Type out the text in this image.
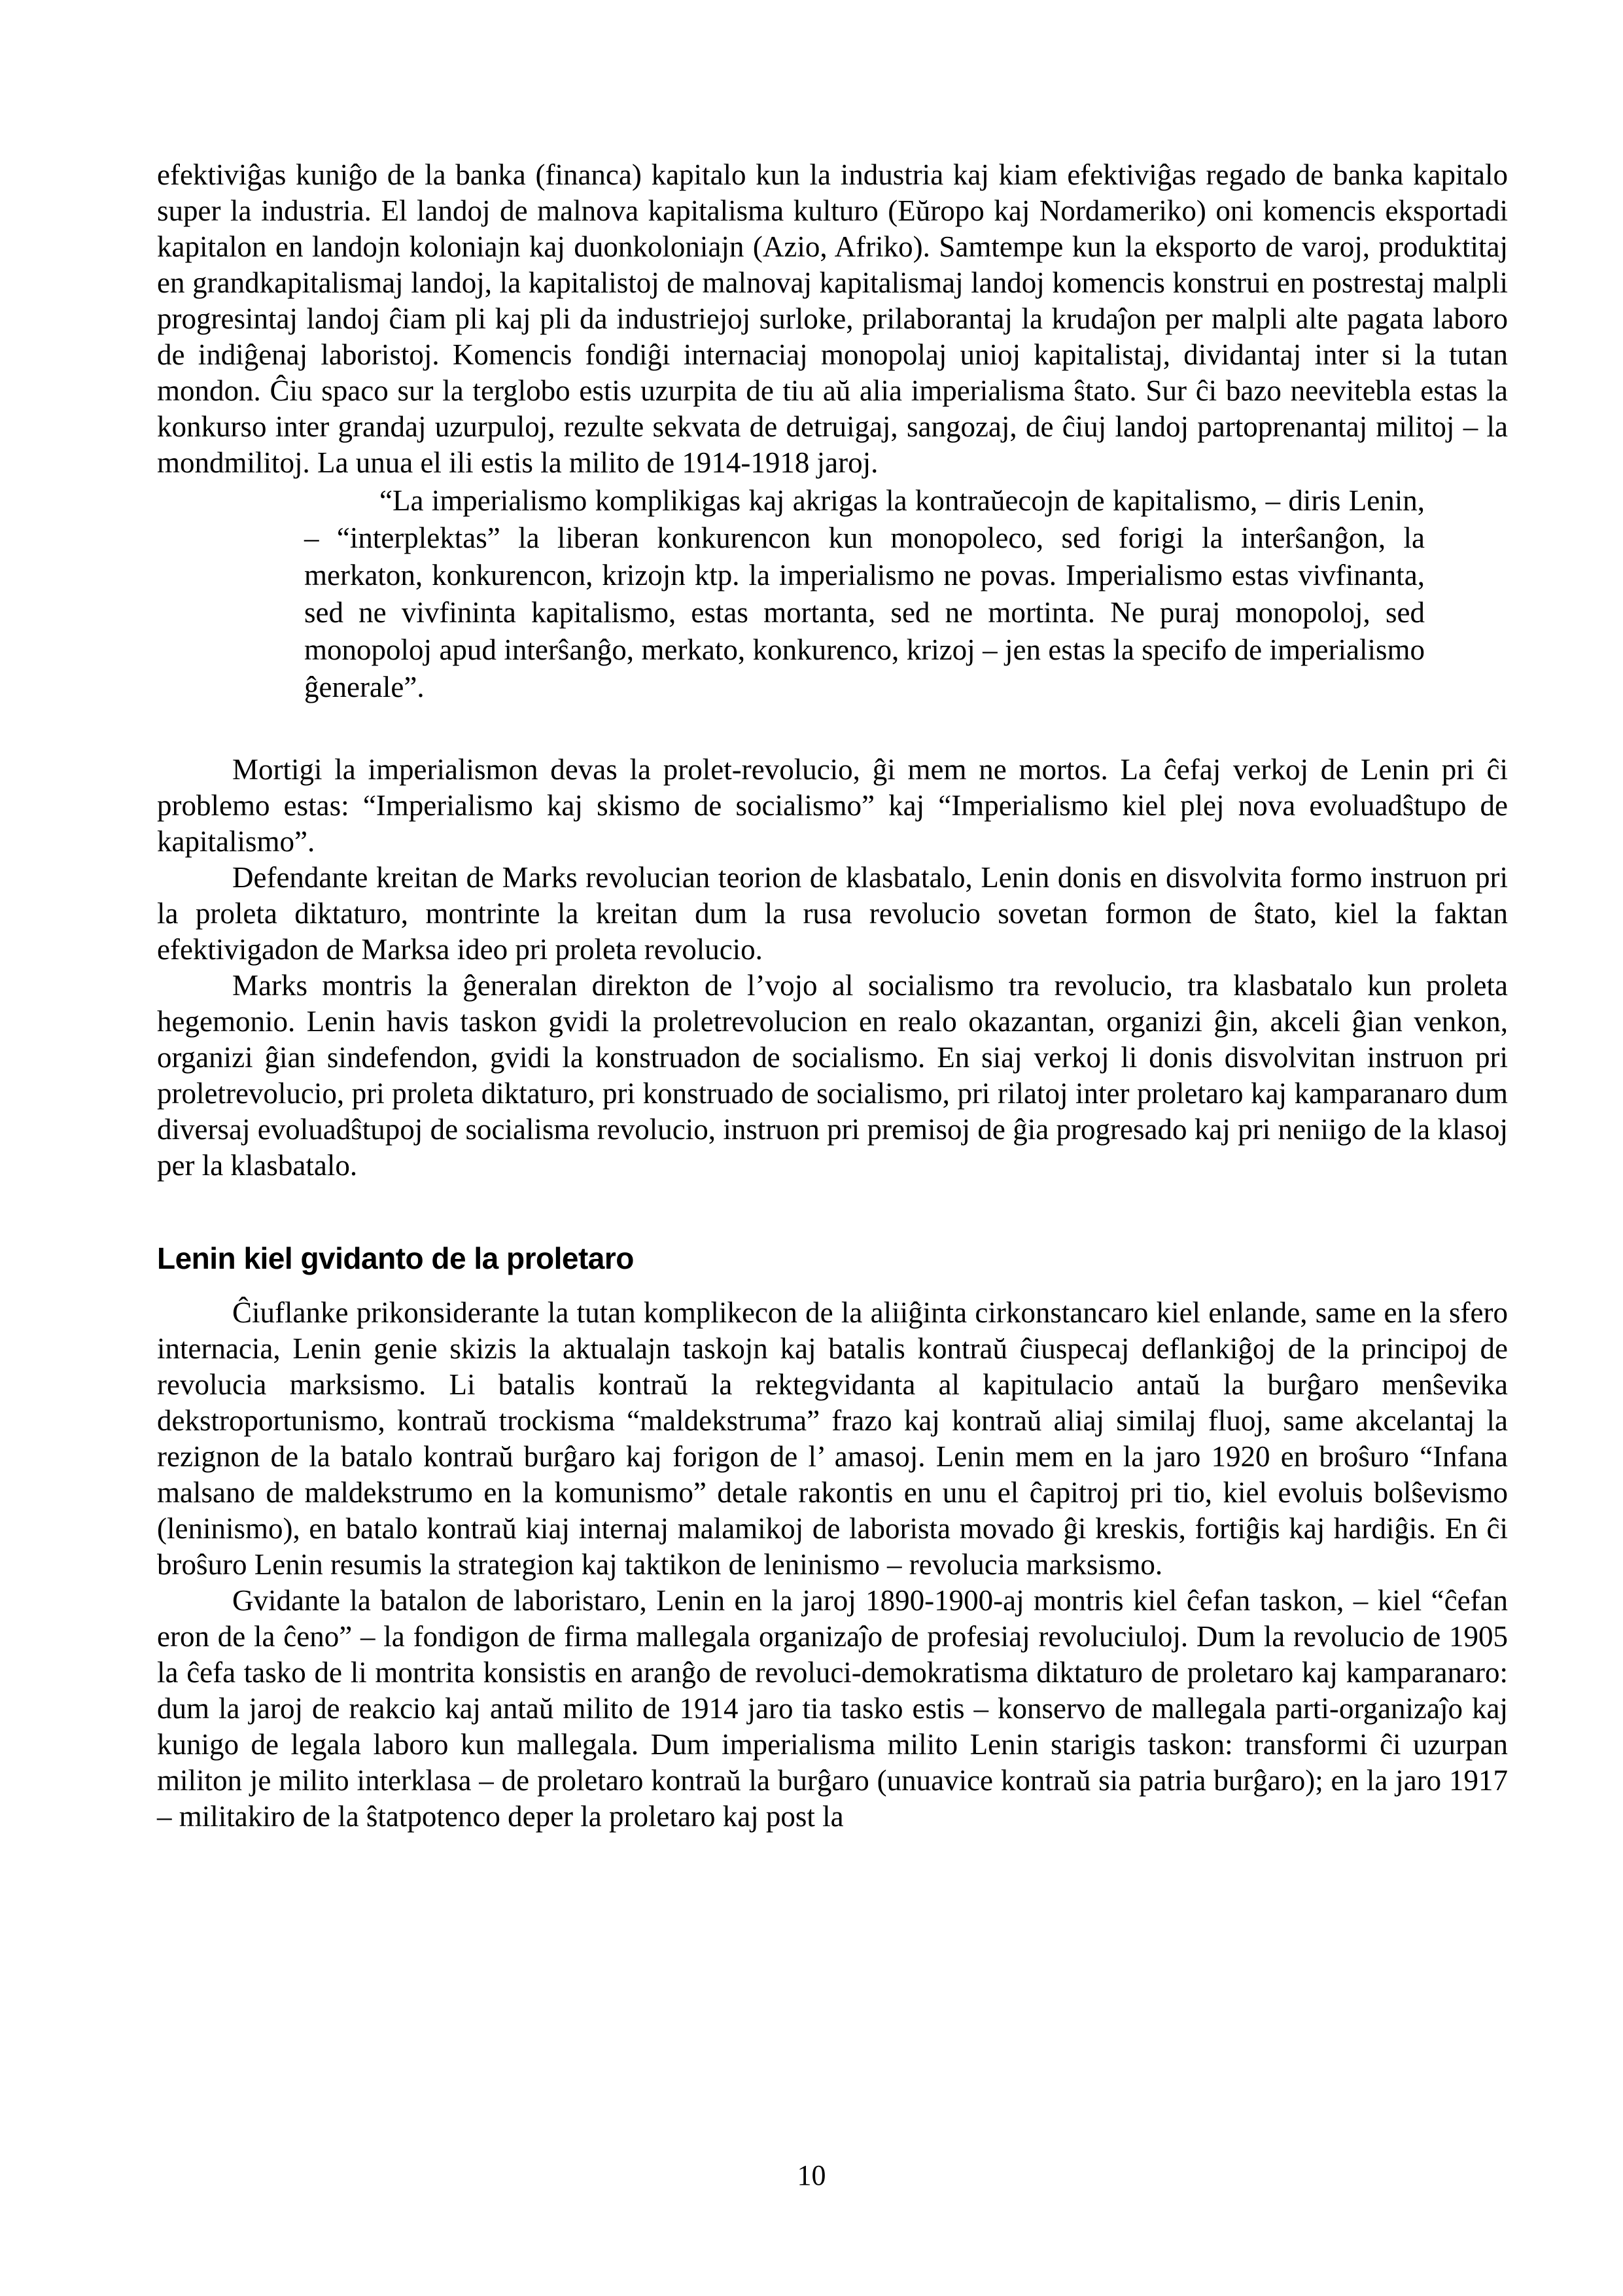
efektiviĝas kuniĝo de la banka (financa) kapitalo kun la industria kaj kiam efektiviĝas regado de banka kapitalo super la industria. El landoj de malnova kapitalisma kulturo (Eŭropo kaj Nordameriko) oni komencis eksportadi kapitalon en landojn koloniajn kaj duonkoloniajn (Azio, Afriko). Samtempe kun la eksporto de varoj, produktitaj en grandkapitalismaj landoj, la kapitalistoj de malnovaj kapitalismaj landoj komencis konstrui en postrestaj malpli progresintaj landoj ĉiam pli kaj pli da industriejoj surloke, prilaborantaj la krudaĵon per malpli alte pagata laboro de indiĝenaj laboristoj. Komencis fondiĝi internaciaj monopolaj unioj kapitalistaj, dividantaj inter si la tutan mondon. Ĉiu spaco sur la terglobo estis uzurpita de tiu aŭ alia imperialisma ŝtato. Sur ĉi bazo neevitebla estas la konkurso inter grandaj uzurpuloj, rezulte sekvata de detruigaj, sangozaj, de ĉiuj landoj partoprenantaj militoj – la mondmilitoj. La unua el ili estis la milito de 1914-1918 jaroj.

“La imperialismo komplikigas kaj akrigas la kontraŭecojn de kapitalismo, – diris Lenin, – “interplektas” la liberan konkurencon kun monopoleco, sed forigi la interŝanĝon, la merkaton, konkurencon, krizojn ktp. la imperialismo ne povas. Imperialismo estas vivfinanta, sed ne vivfininta kapitalismo, estas mortanta, sed ne mortinta. Ne puraj monopoloj, sed monopoloj apud interŝanĝo, merkato, konkurenco, krizoj – jen estas la specifo de imperialismo ĝenerale”.

Mortigi la imperialismon devas la prolet-revolucio, ĝi mem ne mortos. La ĉefaj verkoj de Lenin pri ĉi problemo estas: “Imperialismo kaj skismo de socialismo” kaj “Imperialismo kiel plej nova evoluadŝtupo de kapitalismo”.

Defendante kreitan de Marks revolucian teorion de klasbatalo, Lenin donis en disvolvita formo instruon pri la proleta diktaturo, montrinte la kreitan dum la rusa revolucio sovetan formon de ŝtato, kiel la faktan efektivigadon de Marksa ideo pri proleta revolucio.

Marks montris la ĝeneralan direkton de l’vojo al socialismo tra revolucio, tra klasbatalo kun proleta hegemonio. Lenin havis taskon gvidi la proletrevolucion en realo okazantan, organizi ĝin, akceli ĝian venkon, organizi ĝian sindefendon, gvidi la konstruadon de socialismo. En siaj verkoj li donis disvolvitan instruon pri proletrevolucio, pri proleta diktaturo, pri konstruado de socialismo, pri rilatoj inter proletaro kaj kamparanaro dum diversaj evoluadŝtupoj de socialisma revolucio, instruon pri premisoj de ĝia progresado kaj pri neniigo de la klasoj per la klasbatalo.

Lenin kiel gvidanto de la proletaro

Ĉiuflanke prikonsiderante la tutan komplikecon de la aliiĝinta cirkonstancaro kiel enlande, same en la sfero internacia, Lenin genie skizis la aktualajn taskojn kaj batalis kontraŭ ĉiuspecaj deflankiĝoj de la principoj de revolucia marksismo. Li batalis kontraŭ la rektegvidanta al kapitulacio antaŭ la burĝaro menŝevika dekstroportunismo, kontraŭ trockisma “maldekstruma” frazo kaj kontraŭ aliaj similaj fluoj, same akcelantaj la rezignon de la batalo kontraŭ burĝaro kaj forigon de l’ amasoj. Lenin mem en la jaro 1920 en broŝuro “Infana malsano de maldekstrumo en la komunismo” detale rakontis en unu el ĉapitroj pri tio, kiel evoluis bolŝevismo (leninismo), en batalo kontraŭ kiaj internaj malamikoj de laborista movado ĝi kreskis, fortiĝis kaj hardiĝis. En ĉi broŝuro Lenin resumis la strategion kaj taktikon de leninismo – revolucia marksismo.

Gvidante la batalon de laboristaro, Lenin en la jaroj 1890-1900-aj montris kiel ĉefan taskon, – kiel “ĉefan eron de la ĉeno” – la fondigon de firma mallegala organizaĵo de profesiaj revoluciuloj. Dum la revolucio de 1905 la ĉefa tasko de li montrita konsistis en aranĝo de revoluci-demokratisma diktaturo de proletaro kaj kamparanaro: dum la jaroj de reakcio kaj antaŭ milito de 1914 jaro tia tasko estis – konservo de mallegala parti-organizaĵo kaj kunigo de legala laboro kun mallegala. Dum imperialisma milito Lenin starigis taskon: transformi ĉi uzurpan militon je milito interklasa – de proletaro kontraŭ la burĝaro (unuavice kontraŭ sia patria burĝaro); en la jaro 1917 – militakiro de la ŝtatpotenco deper la proletaro kaj post la

10
